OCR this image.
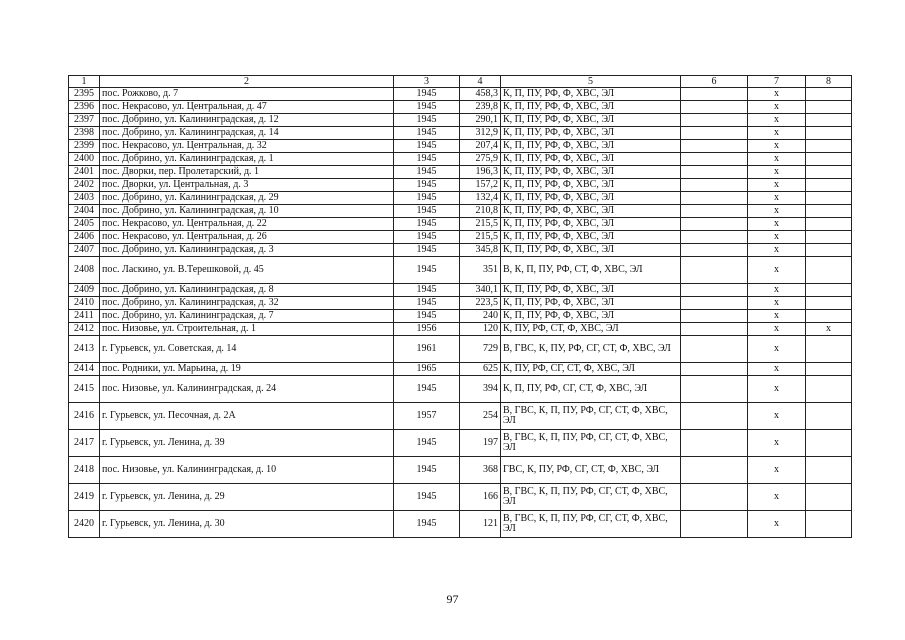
1	2	3	4	5	6	7	8
2395	пос. Рожково, д. 7	1945	458,3	К, П, ПУ, РФ, Ф, ХВС, ЭЛ		х	
2396	пос. Некрасово, ул. Центральная, д. 47	1945	239,8	К, П, ПУ, РФ, Ф, ХВС, ЭЛ		х	
2397	пос. Добрино, ул. Калининградская, д. 12	1945	290,1	К, П, ПУ, РФ, Ф, ХВС, ЭЛ		х	
2398	пос. Добрино, ул. Калининградская, д. 14	1945	312,9	К, П, ПУ, РФ, Ф, ХВС, ЭЛ		х	
2399	пос. Некрасово, ул. Центральная, д. 32	1945	207,4	К, П, ПУ, РФ, Ф, ХВС, ЭЛ		х	
2400	пос. Добрино, ул. Калининградская, д. 1	1945	275,9	К, П, ПУ, РФ, Ф, ХВС, ЭЛ		х	
2401	пос. Дворки, пер. Пролетарский, д. 1	1945	196,3	К, П, ПУ, РФ, Ф, ХВС, ЭЛ		х	
2402	пос. Дворки, ул. Центральная, д. 3	1945	157,2	К, П, ПУ, РФ, Ф, ХВС, ЭЛ		х	
2403	пос. Добрино, ул. Калининградская, д. 29	1945	132,4	К, П, ПУ, РФ, Ф, ХВС, ЭЛ		х	
2404	пос. Добрино, ул. Калининградская, д. 10	1945	210,8	К, П, ПУ, РФ, Ф, ХВС, ЭЛ		х	
2405	пос. Некрасово, ул. Центральная, д. 22	1945	215,5	К, П, ПУ, РФ, Ф, ХВС, ЭЛ		х	
2406	пос. Некрасово, ул. Центральная, д. 26	1945	215,5	К, П, ПУ, РФ, Ф, ХВС, ЭЛ		х	
2407	пос. Добрино, ул. Калининградская, д. 3	1945	345,8	К, П, ПУ, РФ, Ф, ХВС, ЭЛ		х	
2408	пос. Ласкино, ул. В.Терешковой, д. 45	1945	351	В, К, П, ПУ, РФ, СТ, Ф, ХВС, ЭЛ		х	
2409	пос. Добрино, ул. Калининградская, д. 8	1945	340,1	К, П, ПУ, РФ, Ф, ХВС, ЭЛ		х	
2410	пос. Добрино, ул. Калининградская, д. 32	1945	223,5	К, П, ПУ, РФ, Ф, ХВС, ЭЛ		х	
2411	пос. Добрино, ул. Калининградская, д. 7	1945	240	К, П, ПУ, РФ, Ф, ХВС, ЭЛ		х	
2412	пос. Низовье, ул. Строительная, д. 1	1956	120	К, ПУ, РФ, СТ, Ф, ХВС, ЭЛ		х	х
2413	г. Гурьевск, ул. Советская, д. 14	1961	729	В, ГВС, К, ПУ, РФ, СГ, СТ, Ф, ХВС, ЭЛ		х	
2414	пос. Родники, ул. Марьина, д. 19	1965	625	К, ПУ, РФ, СГ, СТ, Ф, ХВС, ЭЛ		х	
2415	пос. Низовье, ул. Калининградская, д. 24	1945	394	К, П, ПУ, РФ, СГ, СТ, Ф, ХВС, ЭЛ		х	
2416	г. Гурьевск, ул. Песочная, д. 2А	1957	254	В, ГВС, К, П, ПУ, РФ, СГ, СТ, Ф, ХВС, ЭЛ		х	
2417	г. Гурьевск, ул. Ленина, д. 39	1945	197	В, ГВС, К, П, ПУ, РФ, СГ, СТ, Ф, ХВС, ЭЛ		х	
2418	пос. Низовье, ул. Калининградская, д. 10	1945	368	ГВС, К, ПУ, РФ, СГ, СТ, Ф, ХВС, ЭЛ		х	
2419	г. Гурьевск, ул. Ленина, д. 29	1945	166	В, ГВС, К, П, ПУ, РФ, СГ, СТ, Ф, ХВС, ЭЛ		х	
2420	г. Гурьевск, ул. Ленина, д. 30	1945	121	В, ГВС, К, П, ПУ, РФ, СГ, СТ, Ф, ХВС, ЭЛ		х	
97
